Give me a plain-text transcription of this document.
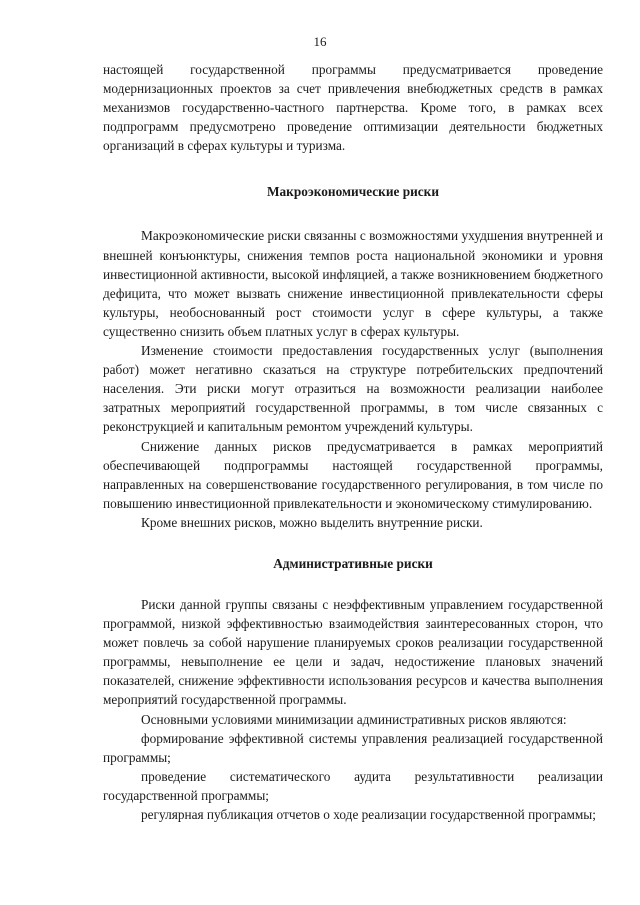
16

настоящей государственной программы предусматривается проведение модернизационных проектов за счет привлечения внебюджетных средств в рамках механизмов государственно-частного партнерства. Кроме того, в рамках всех подпрограмм предусмотрено проведение оптимизации деятельности бюджетных организаций в сферах культуры и туризма.

Макроэкономические риски

Макроэкономические риски связанны с возможностями ухудшения внутренней и внешней конъюнктуры, снижения темпов роста национальной экономики и уровня инвестиционной активности, высокой инфляцией, а также возникновением бюджетного дефицита, что может вызвать снижение инвестиционной привлекательности сферы культуры, необоснованный рост стоимости услуг в сфере культуры, а также существенно снизить объем платных услуг в сферах культуры.

Изменение стоимости предоставления государственных услуг (выполнения работ) может негативно сказаться на структуре потребительских предпочтений населения. Эти риски могут отразиться на возможности реализации наиболее затратных мероприятий государственной программы, в том числе связанных с реконструкцией и капитальным ремонтом учреждений культуры.

Снижение данных рисков предусматривается в рамках мероприятий обеспечивающей подпрограммы настоящей государственной программы, направленных на совершенствование государственного регулирования, в том числе по повышению инвестиционной привлекательности и экономическому стимулированию.

Кроме внешних рисков, можно выделить внутренние риски.

Административные риски

Риски данной группы связаны с неэффективным управлением государственной программой, низкой эффективностью взаимодействия заинтересованных сторон, что может повлечь за собой нарушение планируемых сроков реализации государственной программы, невыполнение ее цели и задач, недостижение плановых значений показателей, снижение эффективности использования ресурсов и качества выполнения мероприятий государственной программы.

Основными условиями минимизации административных рисков являются:

формирование эффективной системы управления реализацией государственной программы;

проведение систематического аудита результативности реализации государственной программы;

регулярная публикация отчетов о ходе реализации государственной программы;
